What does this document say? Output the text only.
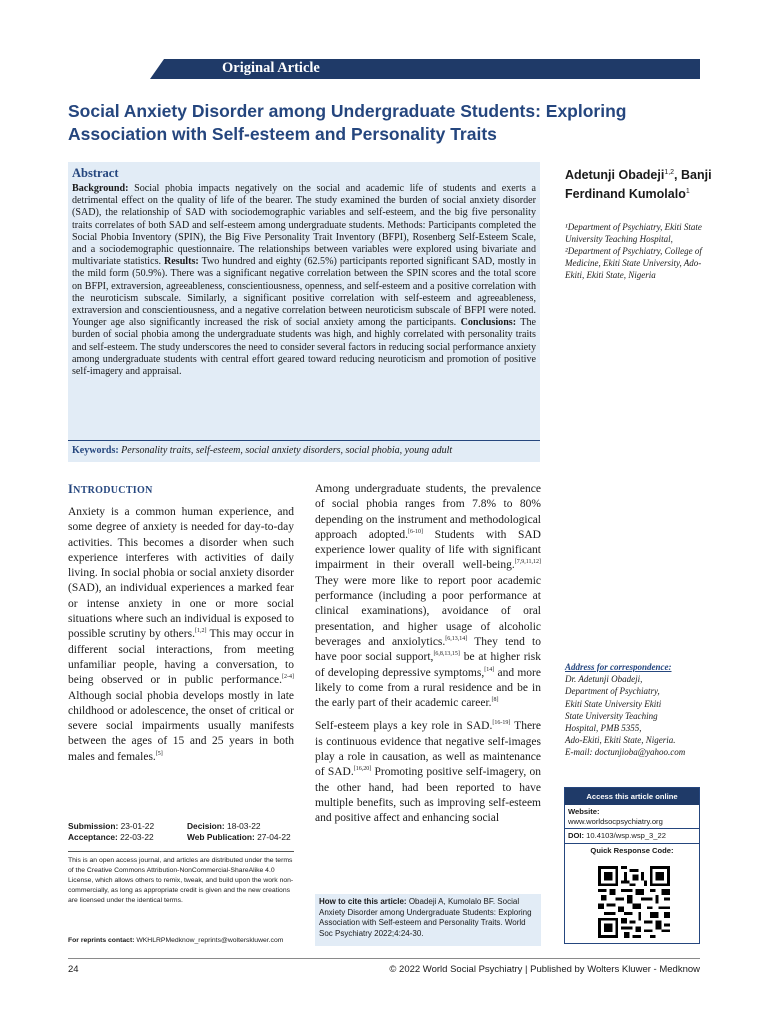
Original Article
Social Anxiety Disorder among Undergraduate Students: Exploring Association with Self-esteem and Personality Traits
Abstract

Background: Social phobia impacts negatively on the social and academic life of students and exerts a detrimental effect on the quality of life of the bearer. The study examined the burden of social anxiety disorder (SAD), the relationship of SAD with sociodemographic variables and self-esteem, and the big five personality traits correlates of both SAD and self-esteem among undergraduate students. Methods: Participants completed the Social Phobia Inventory (SPIN), the Big Five Personality Trait Inventory (BFPI), Rosenberg Self-Esteem Scale, and a sociodemographic questionnaire. The relationships between variables were explored using bivariate and multivariate statistics. Results: Two hundred and eighty (62.5%) participants reported significant SAD, mostly in the mild form (50.9%). There was a significant negative correlation between the SPIN scores and the total score on BFPI, extraversion, agreeableness, conscientiousness, openness, and self-esteem and a positive correlation with the neuroticism subscale. Similarly, a significant positive correlation with self-esteem and agreeableness, extraversion and conscientiousness, and a negative correlation between neuroticism subscale of BFPI were noted. Younger age also significantly increased the risk of social anxiety among the participants. Conclusions: The burden of social phobia among the undergraduate students was high, and highly correlated with personality traits and self-esteem. The study underscores the need to consider several factors in reducing social performance anxiety among undergraduate students with central effort geared toward reducing neuroticism and promotion of positive self-imagery and appraisal.

Keywords: Personality traits, self-esteem, social anxiety disorders, social phobia, young adult
Adetunji Obadeji$^{1,2}$, Banji Ferdinand Kumolalo$^1$
¹Department of Psychiatry, Ekiti State University Teaching Hospital, ²Department of Psychiatry, College of Medicine, Ekiti State University, Ado-Ekiti, Ekiti State, Nigeria
INTRODUCTION

Anxiety is a common human experience, and some degree of anxiety is needed for day-to-day activities. This becomes a disorder when such experience interferes with activities of daily living. In social phobia or social anxiety disorder (SAD), an individual experiences a marked fear or intense anxiety in one or more social situations where such an individual is exposed to possible scrutiny by others.[1,2] This may occur in different social interactions, from meeting unfamiliar people, having a conversation, to being observed or in public performance.[2-4] Although social phobia develops mostly in late childhood or adolescence, the onset of critical or severe social impairments usually manifests between the ages of 15 and 25 years in both males and females.[5]

Among undergraduate students, the prevalence of social phobia ranges from 7.8% to 80% depending on the instrument and methodological approach adopted.[6-10] Students with SAD experience lower quality of life with significant impairment in their overall well-being.[7,9,11,12] They were more like to report poor academic performance (including a poor performance at clinical examinations), avoidance of oral presentation, and higher usage of alcoholic beverages and anxiolytics.[6,13,14] They tend to have poor social support,[6,8,13,15] be at higher risk of developing depressive symptoms,[14] and more likely to come from a rural residence and be in the early part of their academic career.[8]

Self-esteem plays a key role in SAD.[16-19] There is continuous evidence that negative self-images play a role in causation, as well as maintenance of SAD.[16,20] Promoting positive self-imagery, on the other hand, had been reported to have multiple benefits, such as improving self-esteem and positive affect and enhancing social

Submission: 23-01-22	Decision: 18-03-22
Acceptance: 22-03-22	Web Publication: 27-04-22

This is an open access journal, and articles are distributed under the terms of the Creative Commons Attribution-NonCommercial-ShareAlike 4.0 License, which allows others to remix, tweak, and build upon the work non-commercially, as long as appropriate credit is given and the new creations are licensed under the identical terms.

For reprints contact: WKHLRPMedknow_reprints@wolterskluwer.com
Address for correspondence:
Dr. Adetunji Obadeji,
Department of Psychiatry,
Ekiti State University Ekiti
State University Teaching
Hospital, PMB 5355,
Ado-Ekiti, Ekiti State, Nigeria.
E-mail: doctunjioba@yahoo.com
Access this article online
Website:
www.worldsocpsychiatry.org
DOI: 10.4103/wsp.wsp_3_22
Quick Response Code:
How to cite this article: Obadeji A, Kumolalo BF. Social Anxiety Disorder among Undergraduate Students: Exploring Association with Self-esteem and Personality Traits. World Soc Psychiatry 2022;4:24-30.
24	© 2022 World Social Psychiatry | Published by Wolters Kluwer - Medknow
